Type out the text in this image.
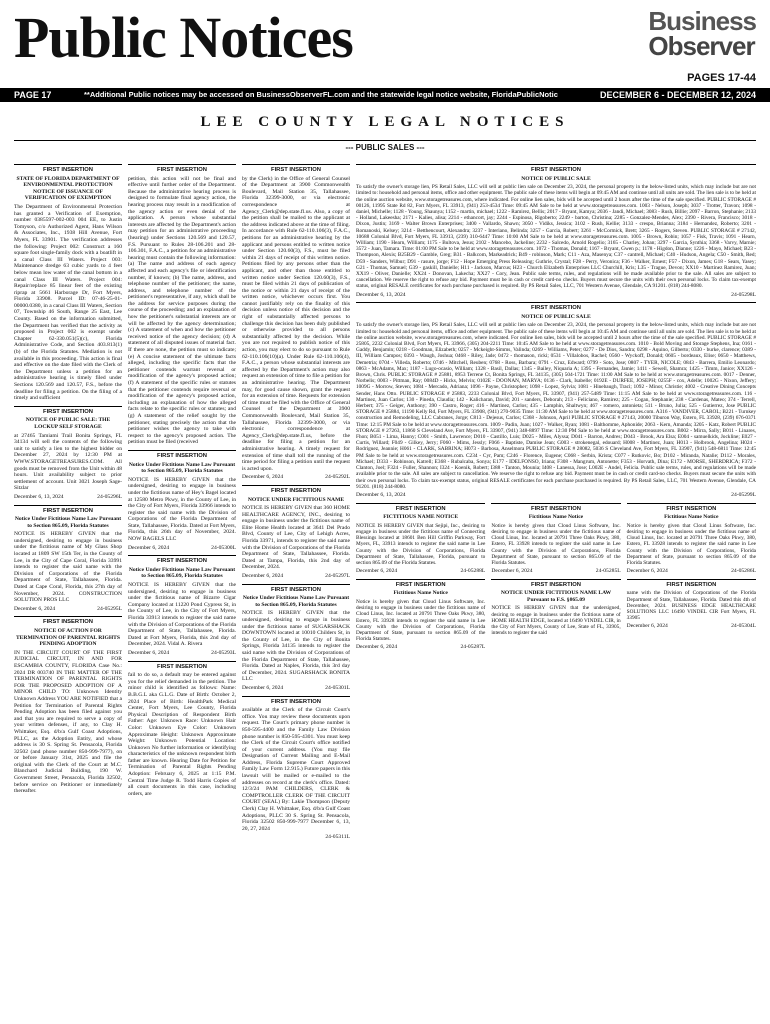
Public Notices	Business
Observer
PAGES 17-44
PAGE 17	**Additional Public notices may be accessed on BusinessObserverFL.com and the statewide legal notice website, FloridaPublicNotic	DECEMBER 6 - DECEMBER 12, 2024
LEE COUNTY LEGAL NOTICES
--- PUBLIC SALES ---
FIRST INSERTION
STATE OF FLORIDA DEPARTMENT OF ENVIRONMENTAL PROTECTION NOTICE OF ISSUANCE OF VERIFICATION OF EXEMPTION
The Department of Environmental Protection has granted a Verification of Exemption, number 0385597-002-003 004 EE, to Justin Tomyson, c/o Authorized Agent, Hans Wilson & Associates, Inc., 1938 Hill Avenue, Fort Myers, FL 33901. The verification addresses the following: Project 002: Construct a 160 square foot single-family dock with a boatlift in a canal Class III Waters. Project 003: Maintenance dredge 63 cubic yards to 4 feet below mean low water of the canal bottom in a canal Class III Waters. Project 004: Repair/replace 85 linear feet of the existing riprap at 5661 Harborage Dr, Fort Myers, Florida 33908. Parcel ID: 07-46-25-01-00000.0380, in a canal Class III Waters, Section 07, Township 46 South, Range 25 East, Lee County. Based on the information submitted, the Department has verified that the activity as proposed in Project 002 is exempt under Chapter 62-330.051(5)(c), Florida Administrative Code, and Section 403.813(1)(b) of the Florida Statutes. Mediation is not available in this proceeding. This action is final and effective on the date filed with the Clerk of the Department unless a petition for an administrative hearing is timely filed under Sections 120.569 and 120.57, F.S., before the deadline for filing a petition. On the filing of a timely and sufficient
FIRST INSERTION
NOTICE OF PUBLIC SALE: THE LOCKUP SELF STORAGE
at 27465 Tamiami Trail Bonita Springs, FL 34134 will sell the contents of the following unit to satisfy a lien to the highest bidder on December 27, 2024 by 12:30 PM at WWW.STORAGETREASURES.COM. All goods must be removed from the Unit within 48 hours. Unit availability subject to prior settlement of account. Unit 3021 Joseph Sage-Sitzlar
December 6, 13, 2024	24-05296L
FIRST INSERTION
Notice Under Fictitious Name Law Pursuant to Section 865.09, Florida Statutes
NOTICE IS HEREBY GIVEN that the undersigned, desiring to engage in business under the fictitious name of My Glass Shop located at 1809 SW 15th Ter, in the County of Lee, in the City of Cape Coral, Florida 33991 intends to register the said name with the Division of Corporations of the Florida Department of State, Tallahassee, Florida. Dated at Cape Coral, Florida, this 27th day of November, 2024. CONSTRUCTION SOLUTION PROS LLC
December 6, 2024	24-05295L
FIRST INSERTION
NOTICE OF ACTION FOR TERMINATION OF PARENTAL RIGHTS PENDING ADOPTION
IN THE CIRCUIT COURT OF THE FIRST JUDICIAL CIRCUIT, IN AND FOR ESCAMBIA COUNTY, FLORIDA Case No.: 2024 DR 003740 IN THE MATTER OF THE TERMINATION OF PARENTAL RIGHTS FOR THE PROPOSED ADOPTION OF A MINOR CHILD TO: Unknown Identity Unknown Address YOU ARE NOTIFIED that a Petition for Termination of Parental Rights Pending Adoption has been filed against you and that you are required to serve a copy of your written defenses, if any, to Clay H. Whittaker, Esq. d/b/a Gulf Coast Adoptions, PLLC, as the Adoption Entity, and whose address is 30 S. Spring St. Pensacola, Florida 32502 (and phone number 850-999-7977), on or before January 31st, 2025 and file the original with the Clerk of the Court at M.C. Blanchard Judicial Building, 190 W. Government Street, Pensacola, Florida 32502, before service on Petitioner or immediately thereafter.
FIRST INSERTION
petition, this action will not be final and effective until further order of the Department. Because the administrative hearing process is designed to formulate final agency action, the hearing process may result in a modification of the agency action or even denial of the application. A person whose substantial interests are affected by the Department's action may petition for an administrative proceeding (hearing) under Sections 120.569 and 120.57, F.S. Pursuant to Rules 28-106.201 and 28-106.301, F.A.C., a petition for an administrative hearing must contain the following information: (a) The name and address of each agency affected and each agency's file or identification number, if known; (b) The name, address, and telephone number of the petitioner; the name, address, and telephone number of the petitioner's representative, if any, which shall be the address for service purposes during the course of the proceeding; and an explanation of how the petitioner's substantial interests are or will be affected by the agency determination; (c) A statement of when and how the petitioner received notice of the agency decision; (d) A statement of all disputed issues of material fact. If there are none, the petition must so indicate; (e) A concise statement of the ultimate facts alleged, including the specific facts that the petitioner contends warrant reversal or modification of the agency's proposed action; (f) A statement of the specific rules or statutes that the petitioner contends require reversal or modification of the agency's proposed action, including an explanation of how the alleged facts relate to the specific rules or statutes; and (g) A statement of the relief sought by the petitioner, stating precisely the action that the petitioner wishes the agency to take with respect to the agency's proposed action. The petition must be filed (received
FIRST INSERTION
Notice Under Fictitious Name Law Pursuant to Section 865.09, Florida Statutes
NOTICE IS HEREBY GIVEN that the undersigned, desiring to engage in business under the fictitious name of Hey's Bagel located at 12580 Metro Pkwy, in the County of Lee, in the City of Fort Myers, Florida 33966 intends to register the said name with the Division of Corporations of the Florida Department of State, Tallahassee, Florida. Dated at Fort Myers, Florida, this 26th day of November, 2024. NOW BAGELS LLC
December 6, 2024	24-05300L
FIRST INSERTION
Notice Under Fictitious Name Law Pursuant to Section 865.09, Florida Statutes
NOTICE IS HEREBY GIVEN that the undersigned, desiring to engage in business under the fictitious name of Bizarre Cigar Company located at 11220 Pond Cypress St, in the County of Lee, in the City of Fort Myers, Florida 33913 intends to register the said name with the Division of Corporations of the Florida Department of State, Tallahassee, Florida. Dated at Fort Myers, Florida, this 2nd day of December, 2024. Vidal A. Rivera
December 6, 2024	24-05293L
FIRST INSERTION
fail to do so, a default may be entered against you for the relief demanded in the petition. The minor child is identified as follows: Name: B.B.G.L aka G.L.G. Date of Birth: October 2, 2024 Place of Birth: HealthPark Medical Center, Fort Myers, Lee County, Florida Physical Description of Respondent Birth Father: Age: Unknown Race: Unknown Hair Color: Unknown Eye Color: Unknown Approximate Height: Unknown Approximate Weight: Unknown Potential Location: Unknown No further information or identifying characteristics of the unknown respondent birth father are known. Hearing Date for Petition for Termination of Parental Rights Pending Adoption: February 6, 2025 at 1:15 P.M. Central Time Judge R. Todd Harris Copies of all court documents in this case, including orders, are
FIRST INSERTION
by the Clerk) in the Office of General Counsel of the Department at 3900 Commonwealth Boulevard, Mail Station 35, Tallahassee, Florida 32399-3000, or via electronic correspondence at Agency_Clerk@dep.state.fl.us. Also, a copy of the petition shall be mailed to the applicant at the address indicated above at the time of filing. In accordance with Rule 62-110.106(3), F.A.C., petitions for an administrative hearing by the applicant and persons entitled to written notice under Section 120.60(3), F.S., must be filed within 21 days of receipt of this written notice. Petitions filed by any persons other than the applicant, and other than those entitled to written notice under Section 120.60(3), F.S., must be filed within 21 days of publication of the notice or within 21 days of receipt of the written notice, whichever occurs first. You cannot justifiably rely on the finality of this decision unless notice of this decision and the right of substantially affected persons to challenge this decision has been duly published or otherwise provided to all persons substantially affected by the decision. While you are not required to publish notice of this action, you may elect to do so pursuant to Rule 62-110.106(10)(a). Under Rule 62-110.106(4), F.A.C., a person whose substantial interests are affected by the Department's action may also request an extension of time to file a petition for an administrative hearing. The Department may, for good cause shown, grant the request for an extension of time. Requests for extension of time must be filed with the Office of General Counsel of the Department at 3900 Commonwealth Boulevard, Mail Station 35, Tallahassee, Florida 32399-3000, or via electronic correspondence at Agency_Clerk@dep.state.fl.us, before the deadline for filing a petition for an administrative hearing. A timely request for extension of time shall toll the running of the time period for filing a petition until the request is acted upon.
December 6, 2024	24-05292L
FIRST INSERTION
NOTICE UNDER FICTITIOUS NAME
NOTICE IS HEREBY GIVEN that 360 HOME HEALTHCARE AGENCY, INC., desiring to engage in business under the fictitious name of Elite Home Health located at 3641 Del Prado Blvd, County of Lee, City of Lehigh Acres, Florida 33971, intends to register the said name with the Division of Corporations of the Florida Department of State, Tallahassee, Florida. Dated at Tampa, Florida, this 2nd day of December, 2024.
December 6, 2024	24-05297L
FIRST INSERTION
Notice Under Fictitious Name Law Pursuant to Section 865.09, Florida Statutes
NOTICE IS HEREBY GIVEN that the undersigned, desiring to engage in business under the fictitious name of SUGARSHACK DOWNTOWN located at 10010 Childers St, in the County of Lee, in the City of Bonita Springs, Florida 34135 intends to register the said name with the Division of Corporations of the Florida Department of State, Tallahassee, Florida. Dated at Naples, Florida, this 3rd day of December, 2024. SUGARSHACK BONITA LLC
December 6, 2024	24-05301L
FIRST INSERTION
available at the Clerk of the Circuit Court's office. You may review these documents upon request. The Court's primary phone number is 850-595-4400 and the Family Law Division phone number is 850-595-4301. You must keep the Clerk of the Circuit Court's office notified of your current address. (You may file Designation of Current Mailing and E-Mail Address, Florida Supreme Court Approved Family Law Form 12.915.) Future papers in this lawsuit will be mailed or e-mailed to the addresses on record at the clerk's office. Dated: 12/3/24 PAM CHILDERS, CLERK & COMPTROLLER CLERK OF THE CIRCUIT COURT (SEAL) By: Lakie Thompson (Deputy Clerk) Clay H. Whittaker, Esq. d/b/a Gulf Coast Adoptions, PLLC 30 S. Spring St. Pensacola, Florida 32502 850-999-7977 December 6, 13, 20, 27, 2024
24-05311L
FIRST INSERTION
NOTICE OF PUBLIC SALE
To satisfy the owner's storage lien, PS Retail Sales, LLC will sell at public lien sale on December 23, 2024, the personal property in the below-listed units, which may include but are not limited to: household and personal items, office and other equipment. The public sale of these items will begin at 09:45 AM and continue until all units are sold. The lien sale is to be held at the online auction website, www.storagetreasures.com, where indicated. For online lien sales, bids will be accepted until 2 hours after the time of the sale specified. PUBLIC STORAGE # 00126, 11995 State Rd 82, Fort Myers, FL 33913, (941) 253-4534 Time: 09:45 AM Sale to be held at www.storagetreasures.com. 1003 - Nelson, Joseph; 3037 - Trotter, Travon; 1098 - daniel, Michelle; 1128 - Young, Shaunya; 1152 - martin, michael; 1222 - Ramirez, Bellis; 2017 - Bryant, Kamya; 2036 - Jandi, Michael; 3083 - Rush, Billie; 2097 - Barron, Stephanie; 2133 - Holland, Lakeesha; 2171 - Kalies, alisa; 2214 - ethancort, jay; 2244 - Espinosa, Rigoberto; 2249 - barton, Christina; 2285 - Gonzalez-Mendes, Alex; 2390 - Rivera, Francisco; 3018 - Dixon, Justin; 3169 - Walter Brown Enterprises; 3400 - Vallardo, Shawn; 3050 - Vidiks, Jessica; 3102 - Rush, Kellie; 3133 - crespo, Brianna; 3184 - Hernandez, Roberto; 3201 - Romanoski, Kelsey; 3214 - Betthencourt, Alexandra; 3237 - Interiano, Belinda; 3257 - Garcia, Robert; 3261 - McCormick, Brett; 3265 - Rogers, Steven. PUBLIC STORAGE # 27142, 10688 Colonial Blvd, Fort Myers, FL 33913, (239) 310-6447 Time: 10:00 AM Sale to be held at www.storagetreasures.com. 1005 - Brown, Robin; 1057 - Fisk, Travis; 1091 - Hearn, William; 1190 - Hearn, William; 1175 - Bultova, Jesus; 2102 - Mancebo, Jackeline; 2232 - Salcedo, Arnold Rogelio; 3165 - Charley, Johan; 3297 - Garcia, Synthia; 3368 - Varvy, Marnie; 3572 - Juan, Tamara. Time: 01:00 PM Sale to be held at www.storagetreasures.com. 1072 - Thomas, Donald; 1167 - Bryant, Gwen p.; 1178 - Higdon, Dianne; 1226 - Mayo, Michael; B23 - Thompson, Alexis; B25B29 - Gamble, Greg; B31 - Balkcom, Markeadrick; B49 - robinson, Mark; C11 - Aza, Masenya; C37 - cantrell, Michael; C40 - Hudson, Angela; C50 - Smith, Red; D59 - Sanders, Wilbur; D91 - rasure, jorge; F12 - Hope Emerging Press Releasing; Guthrie, Crystal; F28 - Perry, Veronica; F36 - Walker, Ernest; F57 - Dixon, James; G18 - Sears, Yasey; G21 - Thomas, Samuel; G39 - gaskill, Danielle; H11 - Jackson, Marcus; H23 - Church Elizabeth Enterprises LLC Churchill, Kris; L35 - Trague, Devon; XX10 - Martinez Ramirez, Juan; XX19 - Oliver, Danielle; XX24 - Donovan, Lakecha; XX27 - Cory, Jean. Public sale terms, rules, and regulations will be made available prior to the sale. All sales are subject to cancellation. We reserve the right to refuse any bid. Payment must be in cash or credit card-no checks. Buyers must secure the units with their own personal locks. To claim tax-exempt status, original RESALE certificates for each purchase purchased is required. By PS Retail Sales, LLC, 701 Western Avenue, Glendale, CA 91201. (818) 244-8080.
December 6, 13, 2024	24-05298L
FIRST INSERTION
NOTICE OF PUBLIC SALE
To satisfy the owner's storage lien, PS Retail Sales, LLC will sell at public lien sale on December 23, 2024, the personal property in the below-listed units, which may include but are not limited to: household and personal items, office and other equipment. The public sale of these items will begin at 10:45 AM and continue until all units are sold. The lien sale is to be held at the online auction website, www.storagetreasures.com, where indicated. For online lien sales, bids will be accepted until 2 hours after the time of the sale specified. PUBLIC STORAGE # 25805, 2232 Colonial Blvd, Fort Myers, FL 33966, (305) 204-2211 Time: 10:45 AM Sale to be held at www.storagetreasures.com. 1010 - Bold Moving and Storage Stephens, Ina; 0161 - Gaddy, Benjamin; 0218 - Goodman, Elizabeth; 0257 - Mckeight-Simms, Valinda; 0269 - Williams, Peter; 0277 - De Dios, Sandra; 0298 - Aquino, Gilberto; 0330 - burke, clarence; 0389 - III, William Campos; 0393 - Waugh, Joshua; 0468 - Riley, Jade; 0472 - thomason, ricki; 0531 - Villalobos, Rachel; 0560 - Wyckoff, Donald; 0605 - bordeaux, Elise; 0650 - Matthews, Demetria; 0704 - Villeda, Roberto; 0746 - Mitchell, Reuben; 0768 - Ross, Barbara; 0791 - Cruz, Edward; 0799 - Soto, Jose; 0807 - TYER, NICOLE; 0843 - Barrera, Emilio Leonardo; 0863 - McAdams, Max; 1187 - Lugo-ocasio, William; 1328 - Basil, Dallas; 1345 - Bailey, Niquaria A; 1395 - Fernandes, Jamie; 1411 - Sewell, Shamra; 1425 - Timm, Janice; XX126 - Brown, Chris. PUBLIC STORAGE # 25881, 8953 Terrene Ct, Bonita Springs, FL 34135, (305) 504-1721 Time: 11:00 AM Sale to be held at www.storagetreasures.com. 0017 - Denner, Norbelis; 0003 - Pittman, Ray; 0084D - Hicks, Melvin; 0102E - DOONAN, MARYA; 0136 - Clark, Isabelle; 0192E - DURFEE, JOSEPH; 0255F - cox, Adelle; 1002G - Nixon, Jeffery; 1009G - Morrow, Steven; 1084 - Mercado, Adriana; 1096 - Payne, Christopher; 1098 - Lopez, Sylvia; 1081 - Hinebaugh, Traci; 1092 - Minor, Christie; 4002 - Creative Dining Concepts Sender, Hans Otto. PUBLIC STORAGE # 25883, 2233 Colonial Blvd, Fort Myers, FL 33907, (941) 257-5489 Time: 11:15 AM Sale to be held at www.storagetreasures.com. 116 - Martinez, Juan Carlos; 130 - Pineda, Claudia; 142 - Kalicharan, David; 201 - sanders, Deborah; 213 - Feliciano, Ramirez; 225 - Cogan, Stephanie; 238 - Cardenas, Mateo; 374 - Terrell, Herbert; 375 - Geiger, Anthony; 390 - Castro, Roger; 416 - Martinez, Carlos; 435 - Lamphin, Shaltwyn; 467 - romero, antonieta; 511 - Bruno, Julia; 525 - Gutierrez, Jose PUBLIC STORAGE # 25884, 11190 Kelly Rd, Fort Myers, FL 33908, (941) 270-9035 Time: 11:30 AM Sale to be held at www.storagetreasures.com. A316 - VANDIVER, CAROL; B221 - Turnkey construction and Remodeling, LLC Cabranes, Jorge; C813 - Dejesus, Carlos; C368 - Johnson, April PUBLIC STORAGE # 27143, 20000 Tiburon Way, Estero, FL 33928, (239) 676-0371 Time: 12:15 PM Sale to be held at www.storagetreasures.com. 1009 - Padin, Juan; 1027 - Walker, Ryan; 1081 - Balthomme, Aphonide; 2063 - Kern, Amanda; 3205 - Katz, Robert PUBLIC STORAGE # 27263, 11860 S Cleveland Ave, Fort Myers, FL 33907, (941) 348-8897 Time: 12:30 PM Sale to be held at www.storagetreasures.com. B002 - Mirra, Sally; B011 - Linares, Fhon; B051 - Lima, Hanny; C001 - Smith, Lawrence; D010 - Castillo, Luis; D025 - Miles, Alyssa; D041 - Barron, Andres; D043 - Brook, Ara Elsa; E004 - samuelkids, Jockline; E027 - Curtis, Willard; F049 - Gilkey, Jerry; F060 - Mims, Jessly; F066 - Baptiste, Damise Jean; G003 - strokenegal, edouard; H008 - Martinez, Juan; H013 - Holbrook, Angelina; H024 - Rodriguez, Jeannie; H061 - CLARK, SABRINA; H073 - Barbosa, Anselmora PUBLIC STORAGE # 28082, 5036 S Cleveland Ave, Fort Myers, FL 33907, (941) 548-6811 Time: 12:45 PM Sale to be held at www.storagetreasures.com. C234 - Cyr, Pam; C246 - Florence, Eugene; C068 - Serbin, Krista; C077 - Rutkovic, Bo; D102 - Miranda, Natalie; D112 - Morales, Michael; D333 - Robinson, Katrell; E368 - Rubalcaba, Sonya; E177 - IDELFONSO, Iriana; F308 - Mangrum, Antonette; F353 - Horvath, Dina; E172 - MORSE, SHERDRICA; F372 - Clanton, Joel; F324 - Fuller, Shannon; I324 - Koenik, Robert; I388 - Tanton, Mounia; I408 - Lanessa, Jose; L002E - Andel, Felicia. Public sale terms, rules, and regulations will be made available prior to the sale. All sales are subject to cancellation. We reserve the right to refuse any bid. Payment must be in cash or credit card-no checks. Buyers must secure the units with their own personal locks. To claim tax-exempt status, original RESALE certificates for each purchase purchased is required. By PS Retail Sales, LLC, 701 Western Avenue, Glendale, CA 91201. (818) 244-8080.
December 6, 13, 2024	24-05299L
FIRST INSERTION
FICTITIOUS NAME NOTICE
NOTICE IS HEREBY GIVEN that Sejipi, Inc., desiring to engage in business under the fictitious name of Connecting Blessings located at 18601 Ben Hill Griffin Parkway, Fort Myers, FL, 33913 intends to register the said name in Lee County with the Division of Corporations, Florida Department of State, Tallahassee, Florida, pursuant to section 865.09 of the Florida Statutes.
December 6, 2024	24-05288L
FIRST INSERTION
Fictitious Name Notice
Notice is hereby given that Cloud Linus Software, Inc. desiring to engage in business under the fictitious name of Cloud Linus, Inc. located at 20791 Three Oaks Pkwy, 380, Estero, FL 33928 intends to register the said name in Lee County with the Division of Corporations, Florida Department of State, pursuant to section 865.09 of the Florida Statutes.
December 6, 2024	24-05285L
FIRST INSERTION
Fictitious Name Notice
Notice is hereby given that Cloud Linus Software, Inc. desiring to engage in business under the fictitious name of Cloud Linus, Inc. located at 20791 Three Oaks Pkwy, 380, Estero, FL 33928 intends to register the said name in Lee County with the Division of Corporations, Florida Department of State, pursuant to section 865.09 of the Florida Statutes.
December 6, 2024	24-05286L
FIRST INSERTION
Fictitious Name Notice
Notice is hereby given that Cloud Linus Software, Inc. desiring to engage in business under the fictitious name of Cloud Linus, Inc. located at 20791 Three Oaks Pkwy, 380, Estero, FL 33928 intends to register the said name in Lee County with the Division of Corporations, Florida Department of State, pursuant to section 865.09 of the Florida Statutes.
December 6, 2024	24-05287L
FIRST INSERTION
NOTICE UNDER FICTITIOUS NAME LAW Pursuant to F.S. §865.09
NOTICE IS HEREBY GIVEN that the undersigned, desiring to engage in business under the fictitious name of HOME HEALTH EDGE, located at 16490 VINDEL CIR, in the City of Fort Myers, County of Lee, State of FL, 33905, intends to register the said
FIRST INSERTION
name with the Division of Corporations of the Florida Department of State, Tallahassee, Florida. Dated this 4th of December, 2024. BUSINESS EDGE HEALTHCARE SOLUTIONS LLC 16490 VINDEL CIR Fort Myers, FL 33905
December 6, 2024	24-05304L
